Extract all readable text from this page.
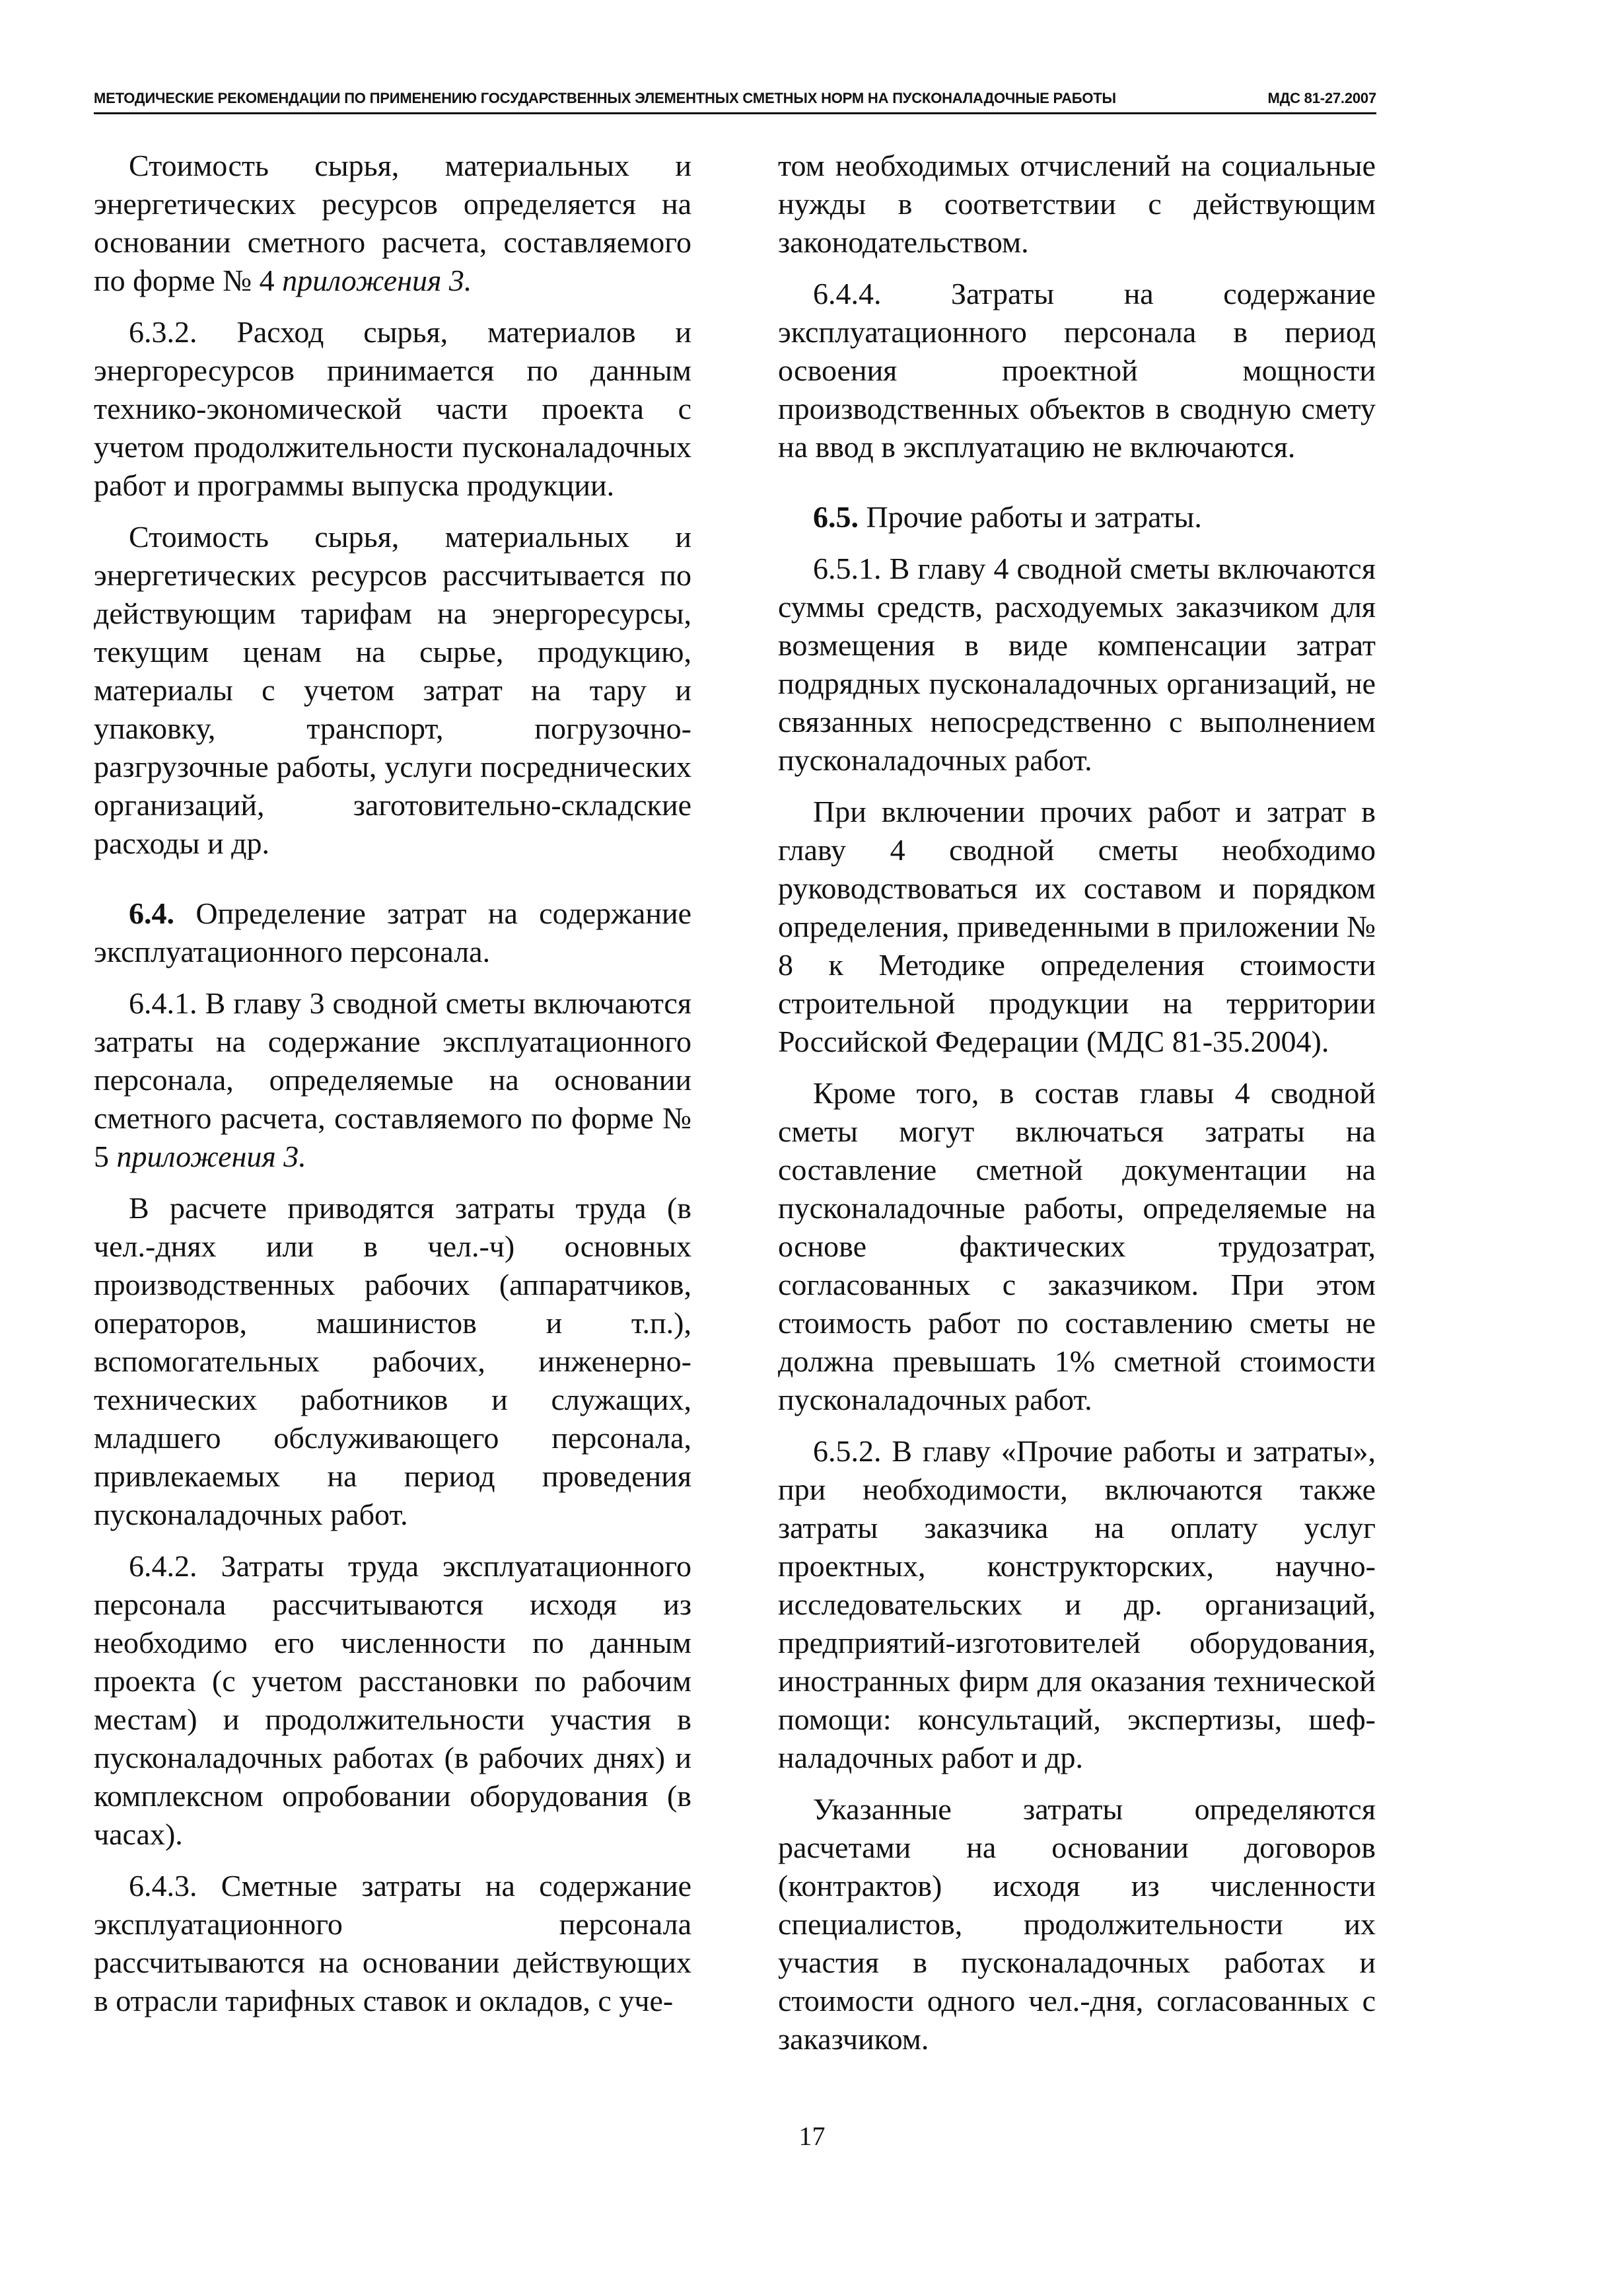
МЕТОДИЧЕСКИЕ РЕКОМЕНДАЦИИ ПО ПРИМЕНЕНИЮ ГОСУДАРСТВЕННЫХ ЭЛЕМЕНТНЫХ СМЕТНЫХ НОРМ НА ПУСКОНАЛАДОЧНЫЕ РАБОТЫ	МДС 81-27.2007

Стоимость сырья, материальных и энергетических ресурсов определяется на основании сметного расчета, составляемого по форме № 4 приложения 3.

6.3.2. Расход сырья, материалов и энергоресурсов принимается по данным технико-экономической части проекта с учетом продолжительности пусконаладочных работ и программы выпуска продукции.

Стоимость сырья, материальных и энергетических ресурсов рассчитывается по действующим тарифам на энергоресурсы, текущим ценам на сырье, продукцию, материалы с учетом затрат на тару и упаковку, транспорт, погрузочно-разгрузочные работы, услуги посреднических организаций, заготовительно-складские расходы и др.

6.4. Определение затрат на содержание эксплуатационного персонала.

6.4.1. В главу 3 сводной сметы включаются затраты на содержание эксплуатационного персонала, определяемые на основании сметного расчета, составляемого по форме № 5 приложения 3.

В расчете приводятся затраты труда (в чел.-днях или в чел.-ч) основных производственных рабочих (аппаратчиков, операторов, машинистов и т.п.), вспомогательных рабочих, инженерно-технических работников и служащих, младшего обслуживающего персонала, привлекаемых на период проведения пусконаладочных работ.

6.4.2. Затраты труда эксплуатационного персонала рассчитываются исходя из необходимо его численности по данным проекта (с учетом расстановки по рабочим местам) и продолжительности участия в пусконаладочных работах (в рабочих днях) и комплексном опробовании оборудования (в часах).

6.4.3. Сметные затраты на содержание эксплуатационного персонала рассчитываются на основании действующих в отрасли тарифных ставок и окладов, с уче-

том необходимых отчислений на социальные нужды в соответствии с действующим законодательством.

6.4.4. Затраты на содержание эксплуатационного персонала в период освоения проектной мощности производственных объектов в сводную смету на ввод в эксплуатацию не включаются.

6.5. Прочие работы и затраты.

6.5.1. В главу 4 сводной сметы включаются суммы средств, расходуемых заказчиком для возмещения в виде компенсации затрат подрядных пусконаладочных организаций, не связанных непосредственно с выполнением пусконаладочных работ.

При включении прочих работ и затрат в главу 4 сводной сметы необходимо руководствоваться их составом и порядком определения, приведенными в приложении № 8 к Методике определения стоимости строительной продукции на территории Российской Федерации (МДС 81-35.2004).

Кроме того, в состав главы 4 сводной сметы могут включаться затраты на составление сметной документации на пусконаладочные работы, определяемые на основе фактических трудозатрат, согласованных с заказчиком. При этом стоимость работ по составлению сметы не должна превышать 1% сметной стоимости пусконаладочных работ.

6.5.2. В главу «Прочие работы и затраты», при необходимости, включаются также затраты заказчика на оплату услуг проектных, конструкторских, научно-исследовательских и др. организаций, предприятий-изготовителей оборудования, иностранных фирм для оказания технической помощи: консультаций, экспертизы, шеф-наладочных работ и др.

Указанные затраты определяются расчетами на основании договоров (контрактов) исходя из численности специалистов, продолжительности их участия в пусконаладочных работах и стоимости одного чел.-дня, согласованных с заказчиком.

17
